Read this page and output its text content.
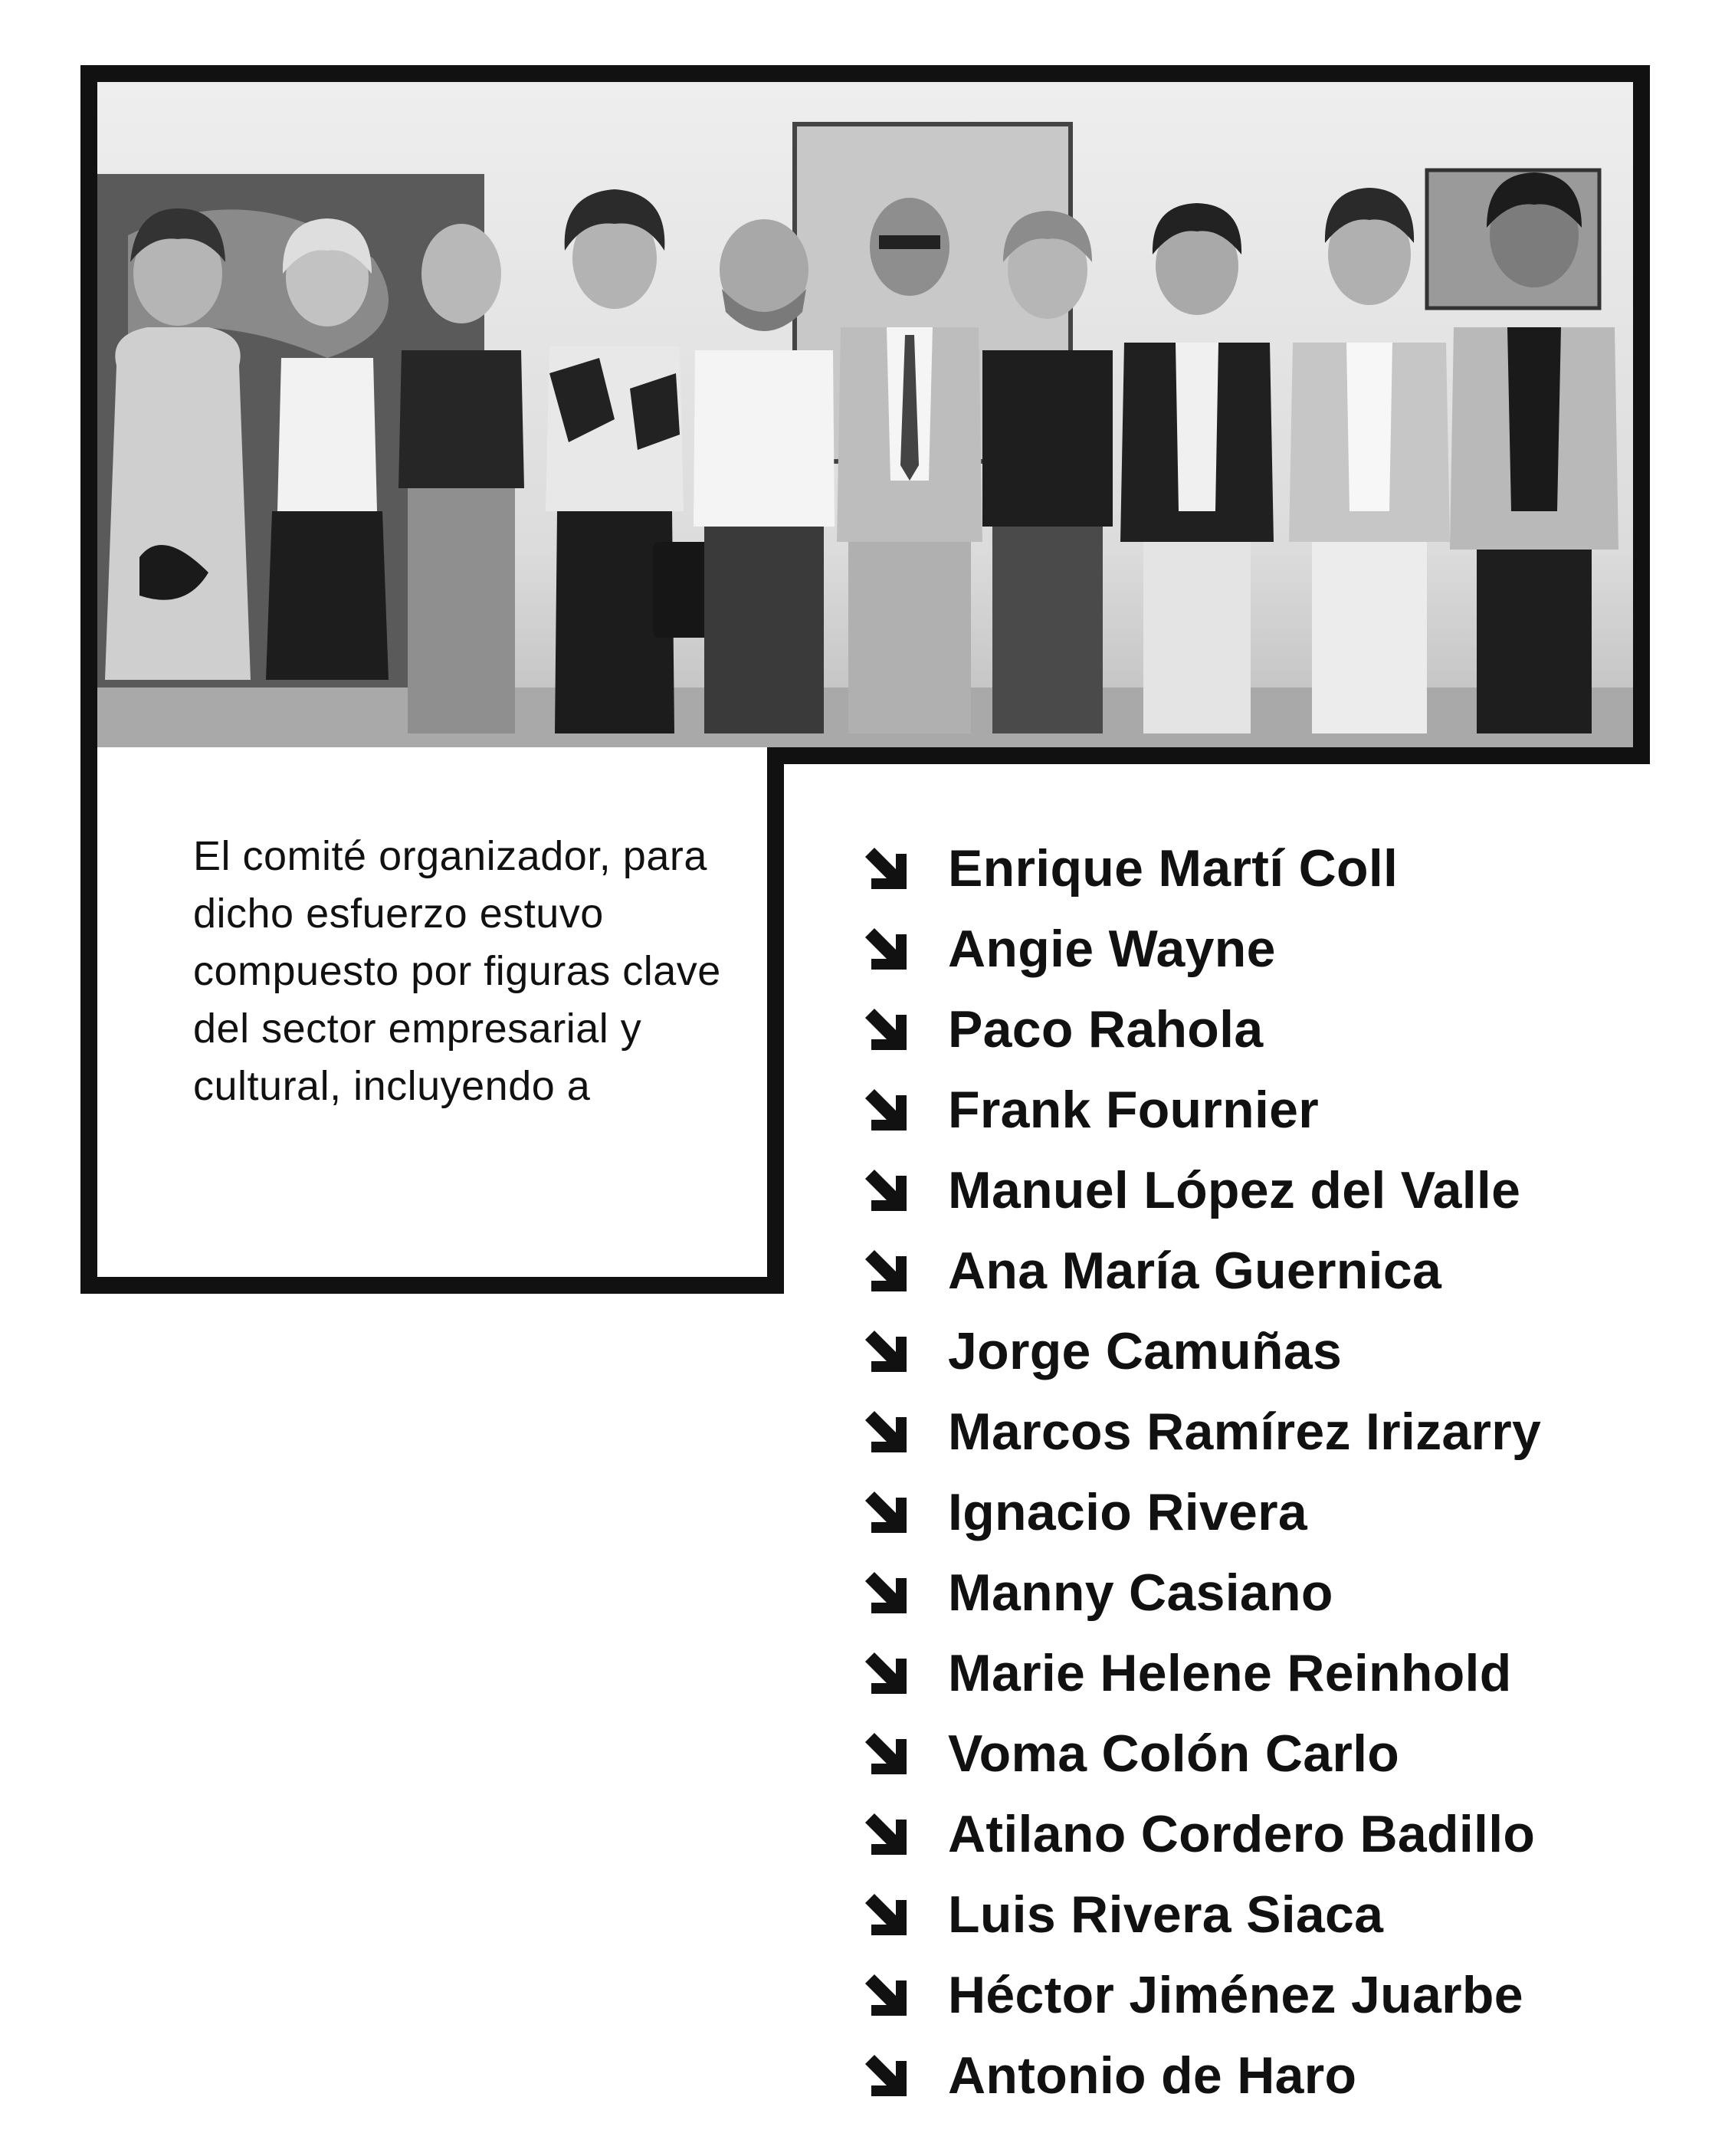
El comité organizador, para dicho esfuerzo estuvo compuesto por figuras clave del sector empresarial y cultural, incluyendo a

Enrique Martí Coll
Angie Wayne
Paco Rahola
Frank Fournier
Manuel López del Valle
Ana María Guernica
Jorge Camuñas
Marcos Ramírez Irizarry
Ignacio Rivera
Manny Casiano
Marie Helene Reinhold
Voma Colón Carlo
Atilano Cordero Badillo
Luis Rivera Siaca
Héctor Jiménez Juarbe
Antonio de Haro
